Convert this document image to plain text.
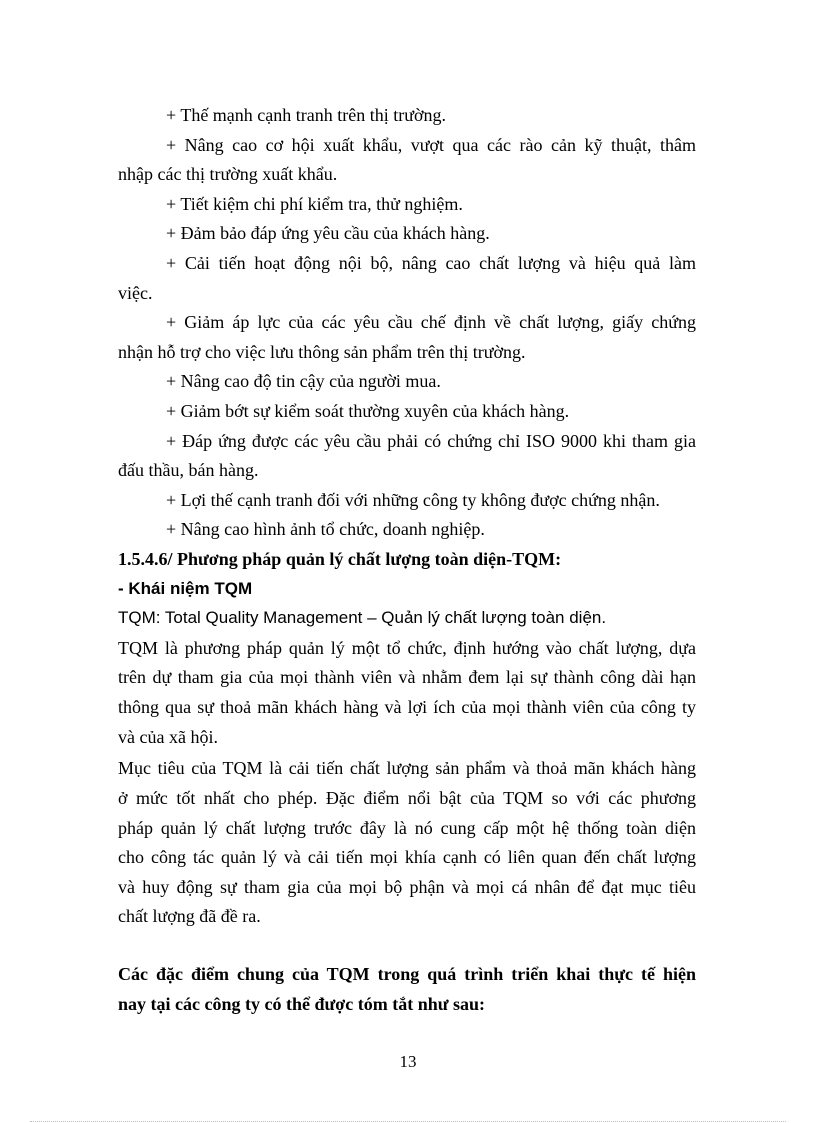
+ Thế mạnh cạnh tranh trên thị trường.
+ Nâng cao cơ hội xuất khẩu, vượt qua các rào cản kỹ thuật, thâm
nhập các thị trường xuất khẩu.
+ Tiết kiệm chi phí kiểm tra, thử nghiệm.
+ Đảm bảo đáp ứng yêu cầu của khách hàng.
+ Cải tiến hoạt động nội bộ, nâng cao chất lượng và hiệu quả làm
việc.
+ Giảm áp lực của các yêu cầu chế định về chất lượng, giấy chứng
nhận hỗ trợ cho việc lưu thông sản phẩm trên thị trường.
+ Nâng cao độ tin cậy của người mua.
+ Giảm bớt sự kiểm soát thường xuyên của khách hàng.
+ Đáp ứng được các yêu cầu phải có chứng chỉ ISO 9000 khi tham gia
đấu thầu, bán hàng.
+ Lợi thế cạnh tranh đối với những công ty không được chứng nhận.
+ Nâng cao hình ảnh tổ chức, doanh nghiệp.
1.5.4.6/ Phương pháp quản lý chất lượng toàn diện-TQM:
- Khái niệm TQM
TQM: Total Quality Management – Quản lý chất lượng toàn diện.
TQM là phương pháp quản lý một tổ chức, định hướng vào chất lượng, dựa
trên dự tham gia của mọi thành viên và nhằm đem lại sự thành công dài hạn
thông qua sự thoả mãn khách hàng và lợi ích của mọi thành viên của công ty
và của xã hội.
Mục tiêu của TQM là cải tiến chất lượng sản phẩm và thoả mãn khách hàng
ở mức tốt nhất cho phép. Đặc điểm nổi bật của TQM so với các phương
pháp quản lý chất lượng trước đây là nó cung cấp một hệ thống toàn diện
cho công tác quản lý và cải tiến mọi khía cạnh có liên quan đến chất lượng
và huy động sự tham gia của mọi bộ phận và mọi cá nhân để đạt mục tiêu
chất lượng đã đề ra.
Các đặc điểm chung của TQM trong quá trình triển khai thực tế hiện
nay tại các công ty có thể được tóm tắt như sau:
13
